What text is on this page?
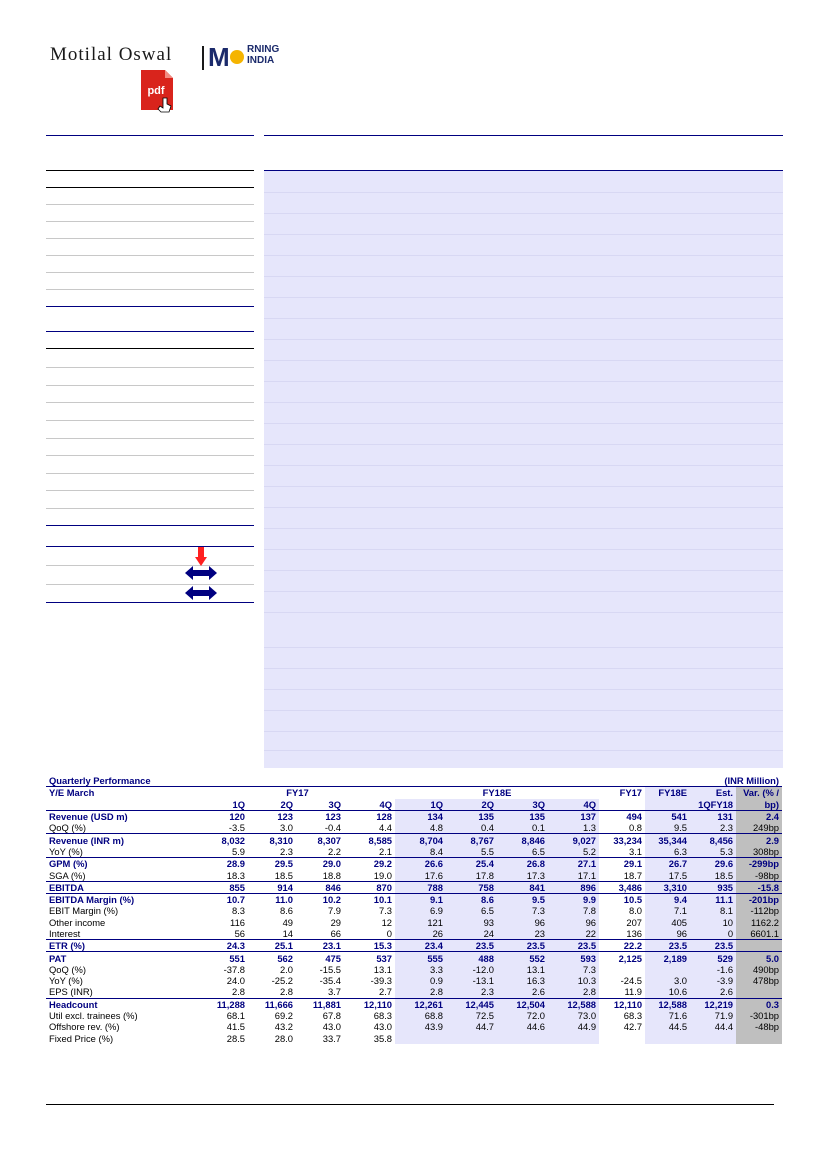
Motilal Oswal M RNING
INDIA
pdf
Quarterly Performance									(INR Million)			
Y/E March	FY17				FY18E				FY17	FY18E	Est.	Var. (% /
	1Q	2Q	3Q	4Q	1Q	2Q	3Q	4Q			1QFY18	bp)
Revenue (USD m)	120	123	123	128	134	135	135	137	494	541	131	2.4
QoQ (%)	-3.5	3.0	-0.4	4.4	4.8	0.4	0.1	1.3	0.8	9.5	2.3	249bp
Revenue (INR m)	8,032	8,310	8,307	8,585	8,704	8,767	8,846	9,027	33,234	35,344	8,456	2.9
YoY (%)	5.9	2.3	2.2	2.1	8.4	5.5	6.5	5.2	3.1	6.3	5.3	308bp
GPM (%)	28.9	29.5	29.0	29.2	26.6	25.4	26.8	27.1	29.1	26.7	29.6	-299bp
SGA (%)	18.3	18.5	18.8	19.0	17.6	17.8	17.3	17.1	18.7	17.5	18.5	-98bp
EBITDA	855	914	846	870	788	758	841	896	3,486	3,310	935	-15.8
EBITDA Margin (%)	10.7	11.0	10.2	10.1	9.1	8.6	9.5	9.9	10.5	9.4	11.1	-201bp
EBIT Margin (%)	8.3	8.6	7.9	7.3	6.9	6.5	7.3	7.8	8.0	7.1	8.1	-112bp
Other income	116	49	29	12	121	93	96	96	207	405	10	1162.2
Interest	56	14	66	0	26	24	23	22	136	96	0	6601.1
ETR (%)	24.3	25.1	23.1	15.3	23.4	23.5	23.5	23.5	22.2	23.5	23.5	
PAT	551	562	475	537	555	488	552	593	2,125	2,189	529	5.0
QoQ (%)	-37.8	2.0	-15.5	13.1	3.3	-12.0	13.1	7.3			-1.6	490bp
YoY (%)	24.0	-25.2	-35.4	-39.3	0.9	-13.1	16.3	10.3	-24.5	3.0	-3.9	478bp
EPS (INR)	2.8	2.8	3.7	2.7	2.8	2.3	2.6	2.8	11.9	10.6	2.6	
Headcount	11,288	11,666	11,881	12,110	12,261	12,445	12,504	12,588	12,110	12,588	12,219	0.3
Util excl. trainees (%)	68.1	69.2	67.8	68.3	68.8	72.5	72.0	73.0	68.3	71.6	71.9	-301bp
Offshore rev. (%)	41.5	43.2	43.0	43.0	43.9	44.7	44.6	44.9	42.7	44.5	44.4	-48bp
Fixed Price (%)	28.5	28.0	33.7	35.8								
